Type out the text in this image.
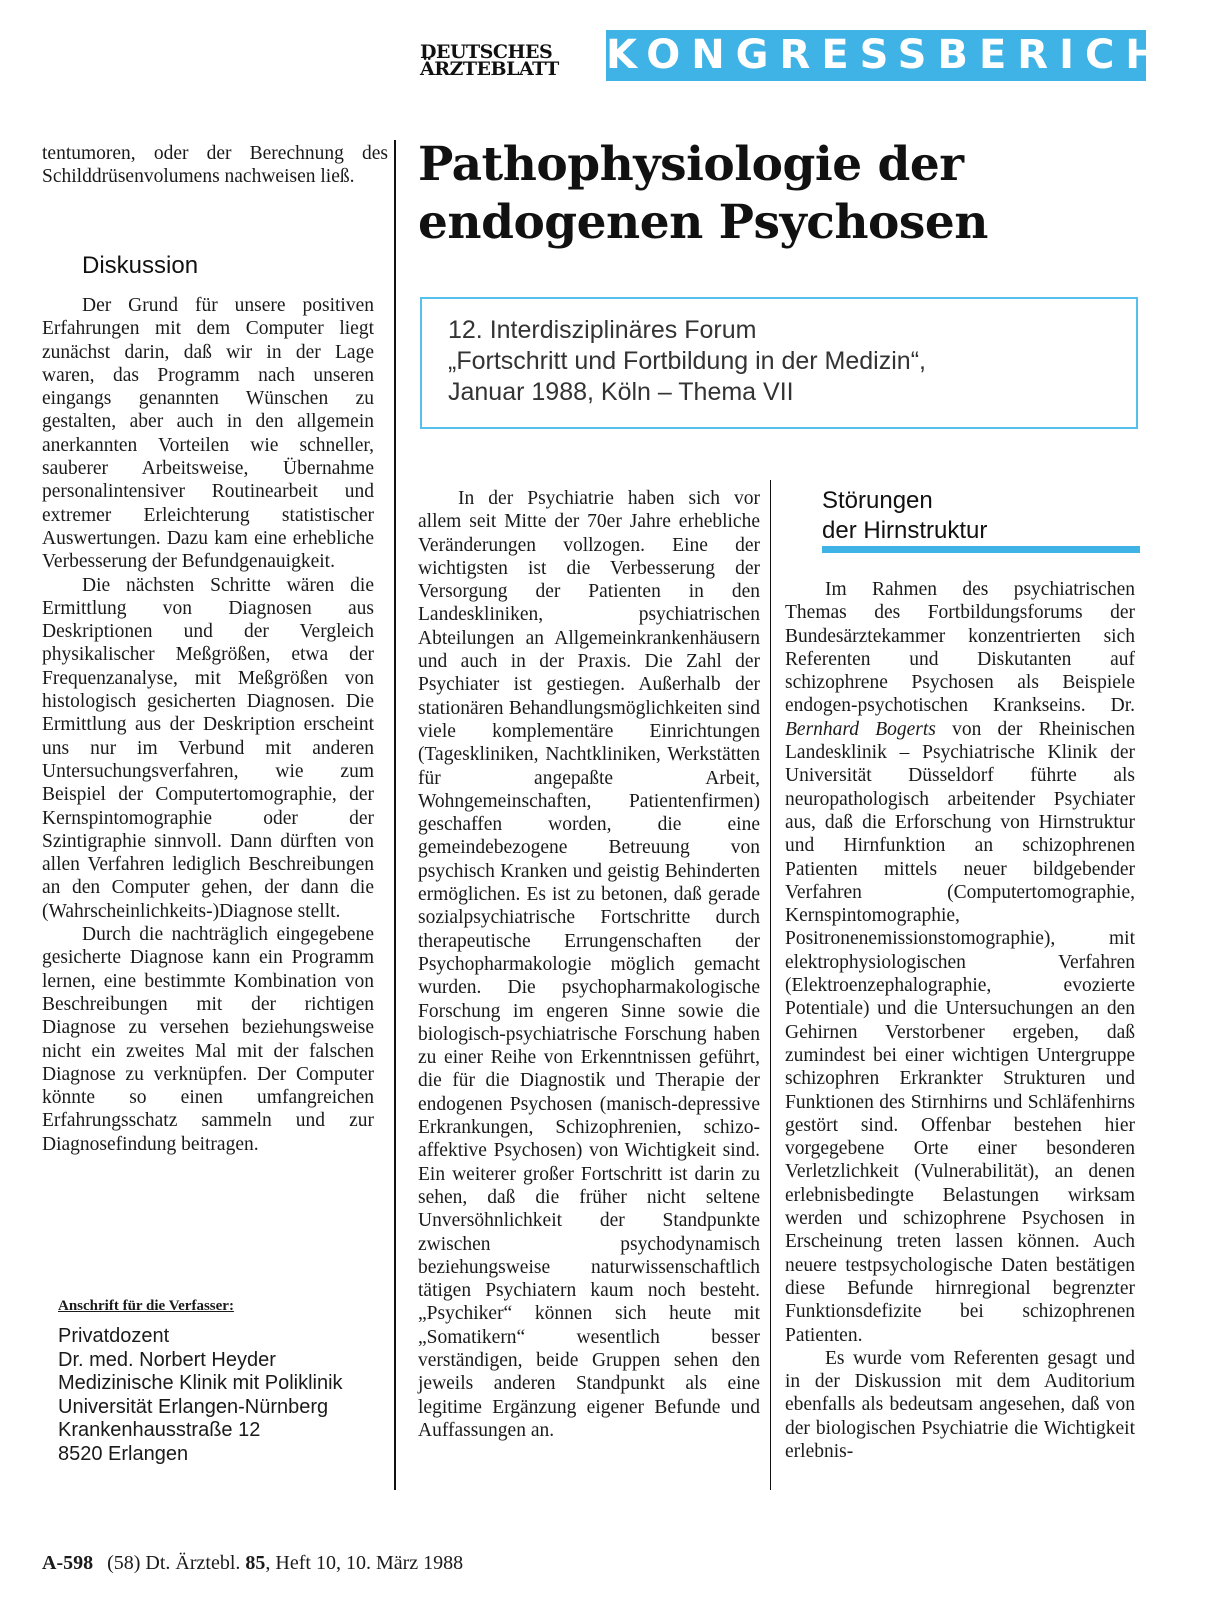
DEUTSCHES
ÄRZTEBLATT	KONGRESSBERICHT

tentumoren, oder der Berechnung des Schilddrüsenvolumens nachweisen ließ.

Diskussion

Der Grund für unsere positiven Erfahrungen mit dem Computer liegt zunächst darin, daß wir in der Lage waren, das Programm nach unseren eingangs genannten Wünschen zu gestalten, aber auch in den allgemein anerkannten Vorteilen wie schneller, sauberer Arbeitsweise, Übernahme personalintensiver Routinearbeit und extremer Erleichterung statistischer Auswertungen. Dazu kam eine erhebliche Verbesserung der Befundgenauigkeit.

Die nächsten Schritte wären die Ermittlung von Diagnosen aus Deskriptionen und der Vergleich physikalischer Meßgrößen, etwa der Frequenzanalyse, mit Meßgrößen von histologisch gesicherten Diagnosen. Die Ermittlung aus der Deskription erscheint uns nur im Verbund mit anderen Untersuchungsverfahren, wie zum Beispiel der Computertomographie, der Kernspintomographie oder der Szintigraphie sinnvoll. Dann dürften von allen Verfahren lediglich Beschreibungen an den Computer gehen, der dann die (Wahrscheinlichkeits-)Diagnose stellt.

Durch die nachträglich eingegebene gesicherte Diagnose kann ein Programm lernen, eine bestimmte Kombination von Beschreibungen mit der richtigen Diagnose zu versehen beziehungsweise nicht ein zweites Mal mit der falschen Diagnose zu verknüpfen. Der Computer könnte so einen umfangreichen Erfahrungsschatz sammeln und zur Diagnosefindung beitragen.

Anschrift für die Verfasser:
Privatdozent
Dr. med. Norbert Heyder
Medizinische Klinik mit Poliklinik
Universität Erlangen-Nürnberg
Krankenhausstraße 12
8520 Erlangen
Pathophysiologie der
endogenen Psychosen
12. Interdisziplinäres Forum
„Fortschritt und Fortbildung in der Medizin“,
Januar 1988, Köln – Thema VII

In der Psychiatrie haben sich vor allem seit Mitte der 70er Jahre erhebliche Veränderungen vollzogen. Eine der wichtigsten ist die Verbesserung der Versorgung der Patienten in den Landeskliniken, psychiatrischen Abteilungen an Allgemeinkrankenhäusern und auch in der Praxis. Die Zahl der Psychiater ist gestiegen. Außerhalb der stationären Behandlungsmöglichkeiten sind viele komplementäre Einrichtungen (Tageskliniken, Nachtkliniken, Werkstätten für angepaßte Arbeit, Wohngemeinschaften, Patientenfirmen) geschaffen worden, die eine gemeindebezogene Betreuung von psychisch Kranken und geistig Behinderten ermöglichen. Es ist zu betonen, daß gerade sozialpsychiatrische Fortschritte durch therapeutische Errungenschaften der Psychopharmakologie möglich gemacht wurden. Die psychopharmakologische Forschung im engeren Sinne sowie die biologisch-psychiatrische Forschung haben zu einer Reihe von Erkenntnissen geführt, die für die Diagnostik und Therapie der endogenen Psychosen (manisch-depressive Erkrankungen, Schizophrenien, schizo-affektive Psychosen) von Wichtigkeit sind. Ein weiterer großer Fortschritt ist darin zu sehen, daß die früher nicht seltene Unversöhnlichkeit der Standpunkte zwischen psychodynamisch beziehungsweise naturwissenschaftlich tätigen Psychiatern kaum noch besteht. „Psychiker“ können sich heute mit „Somatikern“ wesentlich besser verständigen, beide Gruppen sehen den jeweils anderen Standpunkt als eine legitime Ergänzung eigener Befunde und Auffassungen an.

Störungen
der Hirnstruktur

Im Rahmen des psychiatrischen Themas des Fortbildungsforums der Bundesärztekammer konzentrierten sich Referenten und Diskutanten auf schizophrene Psychosen als Beispiele endogen-psychotischen Krankseins. Dr. Bernhard Bogerts von der Rheinischen Landesklinik – Psychiatrische Klinik der Universität Düsseldorf führte als neuropathologisch arbeitender Psychiater aus, daß die Erforschung von Hirnstruktur und Hirnfunktion an schizophrenen Patienten mittels neuer bildgebender Verfahren (Computertomographie, Kernspintomographie, Positronenemissionstomographie), mit elektrophysiologischen Verfahren (Elektroenzephalographie, evozierte Potentiale) und die Untersuchungen an den Gehirnen Verstorbener ergeben, daß zumindest bei einer wichtigen Untergruppe schizophren Erkrankter Strukturen und Funktionen des Stirnhirns und Schläfenhirns gestört sind. Offenbar bestehen hier vorgegebene Orte einer besonderen Verletzlichkeit (Vulnerabilität), an denen erlebnisbedingte Belastungen wirksam werden und schizophrene Psychosen in Erscheinung treten lassen können. Auch neuere testpsychologische Daten bestätigen diese Befunde hirnregional begrenzter Funktionsdefizite bei schizophrenen Patienten.

Es wurde vom Referenten gesagt und in der Diskussion mit dem Auditorium ebenfalls als bedeutsam angesehen, daß von der biologischen Psychiatrie die Wichtigkeit erlebnis-

A-598 (58) Dt. Ärztebl. 85, Heft 10, 10. März 1988
